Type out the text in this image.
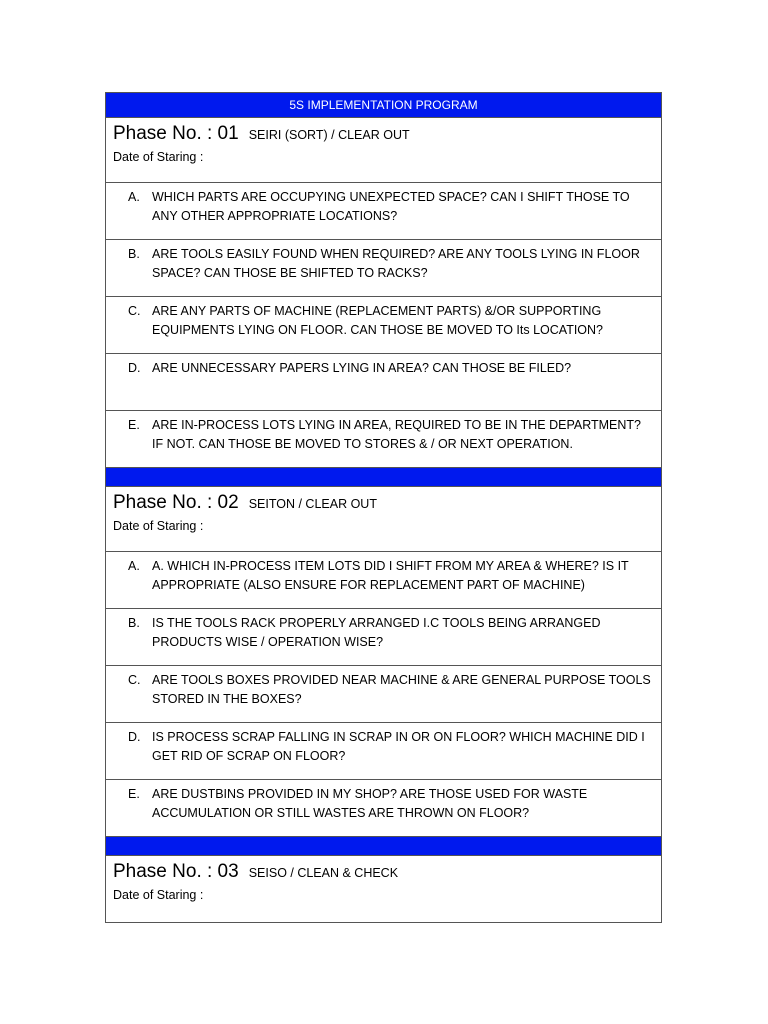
5S IMPLEMENTATION PROGRAM
Phase No. : 01 SEIRI (SORT) / CLEAR OUT
Date of Staring :
A. WHICH PARTS ARE OCCUPYING UNEXPECTED SPACE? CAN I SHIFT THOSE TO ANY OTHER APPROPRIATE LOCATIONS?
B. ARE TOOLS EASILY FOUND WHEN REQUIRED? ARE ANY TOOLS LYING IN FLOOR SPACE? CAN THOSE BE SHIFTED TO RACKS?
C. ARE ANY PARTS OF MACHINE (REPLACEMENT PARTS) &/OR SUPPORTING EQUIPMENTS LYING ON FLOOR. CAN THOSE BE MOVED TO Its LOCATION?
D. ARE UNNECESSARY PAPERS LYING IN AREA? CAN THOSE BE FILED?
E. ARE IN-PROCESS LOTS LYING IN AREA, REQUIRED TO BE IN THE DEPARTMENT? IF NOT. CAN THOSE BE MOVED TO STORES & / OR NEXT OPERATION.
Phase No. : 02 SEITON / CLEAR OUT
Date of Staring :
A. A. WHICH IN-PROCESS ITEM LOTS DID I SHIFT FROM MY AREA & WHERE? IS IT APPROPRIATE (ALSO ENSURE FOR REPLACEMENT PART OF MACHINE)
B. IS THE TOOLS RACK PROPERLY ARRANGED I.C TOOLS BEING ARRANGED PRODUCTS WISE / OPERATION WISE?
C. ARE TOOLS BOXES PROVIDED NEAR MACHINE & ARE GENERAL PURPOSE TOOLS STORED IN THE BOXES?
D. IS PROCESS SCRAP FALLING IN SCRAP IN OR ON FLOOR? WHICH MACHINE DID I GET RID OF SCRAP ON FLOOR?
E. ARE DUSTBINS PROVIDED IN MY SHOP? ARE THOSE USED FOR WASTE ACCUMULATION OR STILL WASTES ARE THROWN ON FLOOR?
Phase No. : 03 SEISO / CLEAN & CHECK
Date of Staring :
